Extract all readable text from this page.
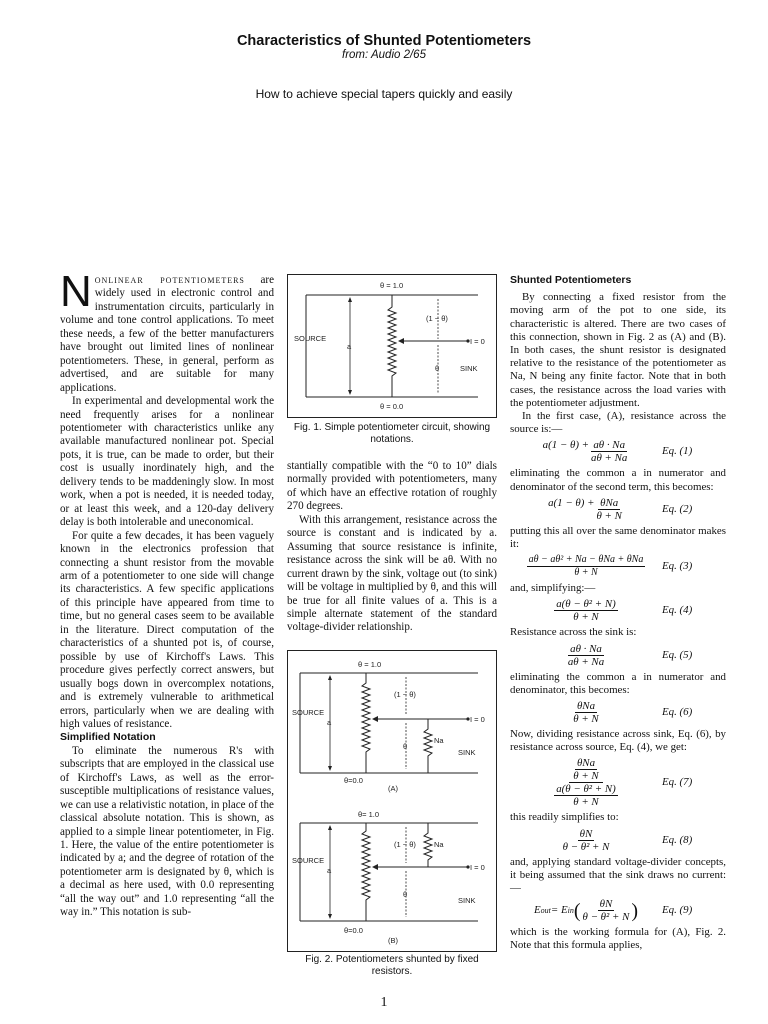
Characteristics of Shunted Potentiometers
from: Audio 2/65
How to achieve special tapers quickly and easily

Nonlinear potentiometers are widely used in electronic control and instrumentation circuits, particularly in volume and tone control applications. To meet these needs, a few of the better manufacturers have brought out limited lines of nonlinear potentiometers. These, in general, perform as advertised, and are suitable for many applications.

In experimental and developmental work the need frequently arises for a nonlinear potentiometer with characteristics unlike any available manufactured nonlinear pot. Special pots, it is true, can be made to order, but their cost is usually inordinately high, and the delivery tends to be maddeningly slow. In most work, when a pot is needed, it is needed today, or at least this week, and a 120-day delivery delay is both intolerable and uneconomical.

For quite a few decades, it has been vaguely known in the electronics profession that connecting a shunt resistor from the movable arm of a potentiometer to one side will change its characteristics. A few specific applications of this principle have appeared from time to time, but no general cases seem to be available in the literature. Direct computation of the characteristics of a shunted pot is, of course, possible by use of Kirchoff's Laws. This procedure gives perfectly correct answers, but usually bogs down in overcomplex notations, and is extremely vulnerable to arithmetical errors, particularly when we are dealing with high values of resistance.

Simplified Notation

To eliminate the numerous R's with subscripts that are employed in the classical use of Kirchoff's Laws, as well as the error-susceptible multiplications of resistance values, we can use a relativistic notation, in place of the classical absolute notation. This is shown, as applied to a simple linear potentiometer, in Fig. 1. Here, the value of the entire potentiometer is indicated by a; and the degree of rotation of the potentiometer arm is designated by θ, which is a decimal as here used, with 0.0 representing “all the way out” and 1.0 representing “all the way in.” This notation is sub-

θ = 1.0
a
SOURCE	I = 0
(1 − θ)
θ	SINK
θ = 0.0
Fig. 1. Simple potentiometer circuit, showing notations.

stantially compatible with the “0 to 10” dials normally provided with potentiometers, many of which have an effective rotation of roughly 270 degrees.

With this arrangement, resistance across the source is constant and is indicated by a. Assuming that source resistance is infinite, resistance across the sink will be aθ. With no current drawn by the sink, voltage out (to sink) will be voltage in multiplied by θ, and this will be true for all finite values of a. This is a simple alternate statement of the standard voltage-divider relationship.

θ = 1.0
a
SOURCE
I = 0
(1 − θ)
θ
Na
SINK
θ=0.0
(A)
θ= 1.0
a
SOURCE
I = 0
(1 − θ)
θ
Na
SINK
θ=0.0
(B)
Fig. 2. Potentiometers shunted by fixed resistors.

Shunted Potentiometers

By connecting a fixed resistor from the moving arm of the pot to one side, its characteristic is altered. There are two cases of this connection, shown in Fig. 2 as (A) and (B). In both cases, the shunt resistor is designated relative to the resistance of the potentiometer as Na, N being any finite factor. Note that in both cases, the resistance across the load varies with the potentiometer adjustment.

In the first case, (A), resistance across the source is:—

$a(1 - \theta) + \frac{a\theta \cdot Na}{a\theta + Na}$	Eq. (1)

eliminating the common a in numerator and denominator of the second term, this becomes:

$a(1 - \theta) + \frac{\text{θNa}}{\theta + N}$	Eq. (2)

putting this all over the same denominator makes it:

$\frac{\text{aθ − aθ² + Na − θNa + θNa}}{\theta + N} Eq$. (3)

and, simplifying:—

$\frac{\text{a(θ − θ² + N)}}{\theta + N}$	Eq. (4)

Resistance across the sink is:

$\frac{a\theta \cdot Na}{a\theta + Na}$	Eq. (5)

eliminating the common a in numerator and denominator, this becomes:

$\frac{\text{θNa}}{\theta + N}$	Eq. (6)

Now, dividing resistance across sink, Eq. (6), by resistance across source, Eq. (4), we get:

$\frac{\frac{\text{θNa}}{\theta + N}}{\frac{\text{a(θ − θ² + N)}}{\theta + N}}$	Eq. (7)

this readily simplifies to:

$\frac{\theta N}{\text{θ − θ² + N}}$	Eq. (8)

and, applying standard voltage-divider concepts, it being assumed that the sink draws no current:—

E out = E in ( $\frac{\theta N}{\text{θ − θ² + N}}$ ) Eq. (9)

which is the working formula for (A), Fig. 2. Note that this formula applies,

1
